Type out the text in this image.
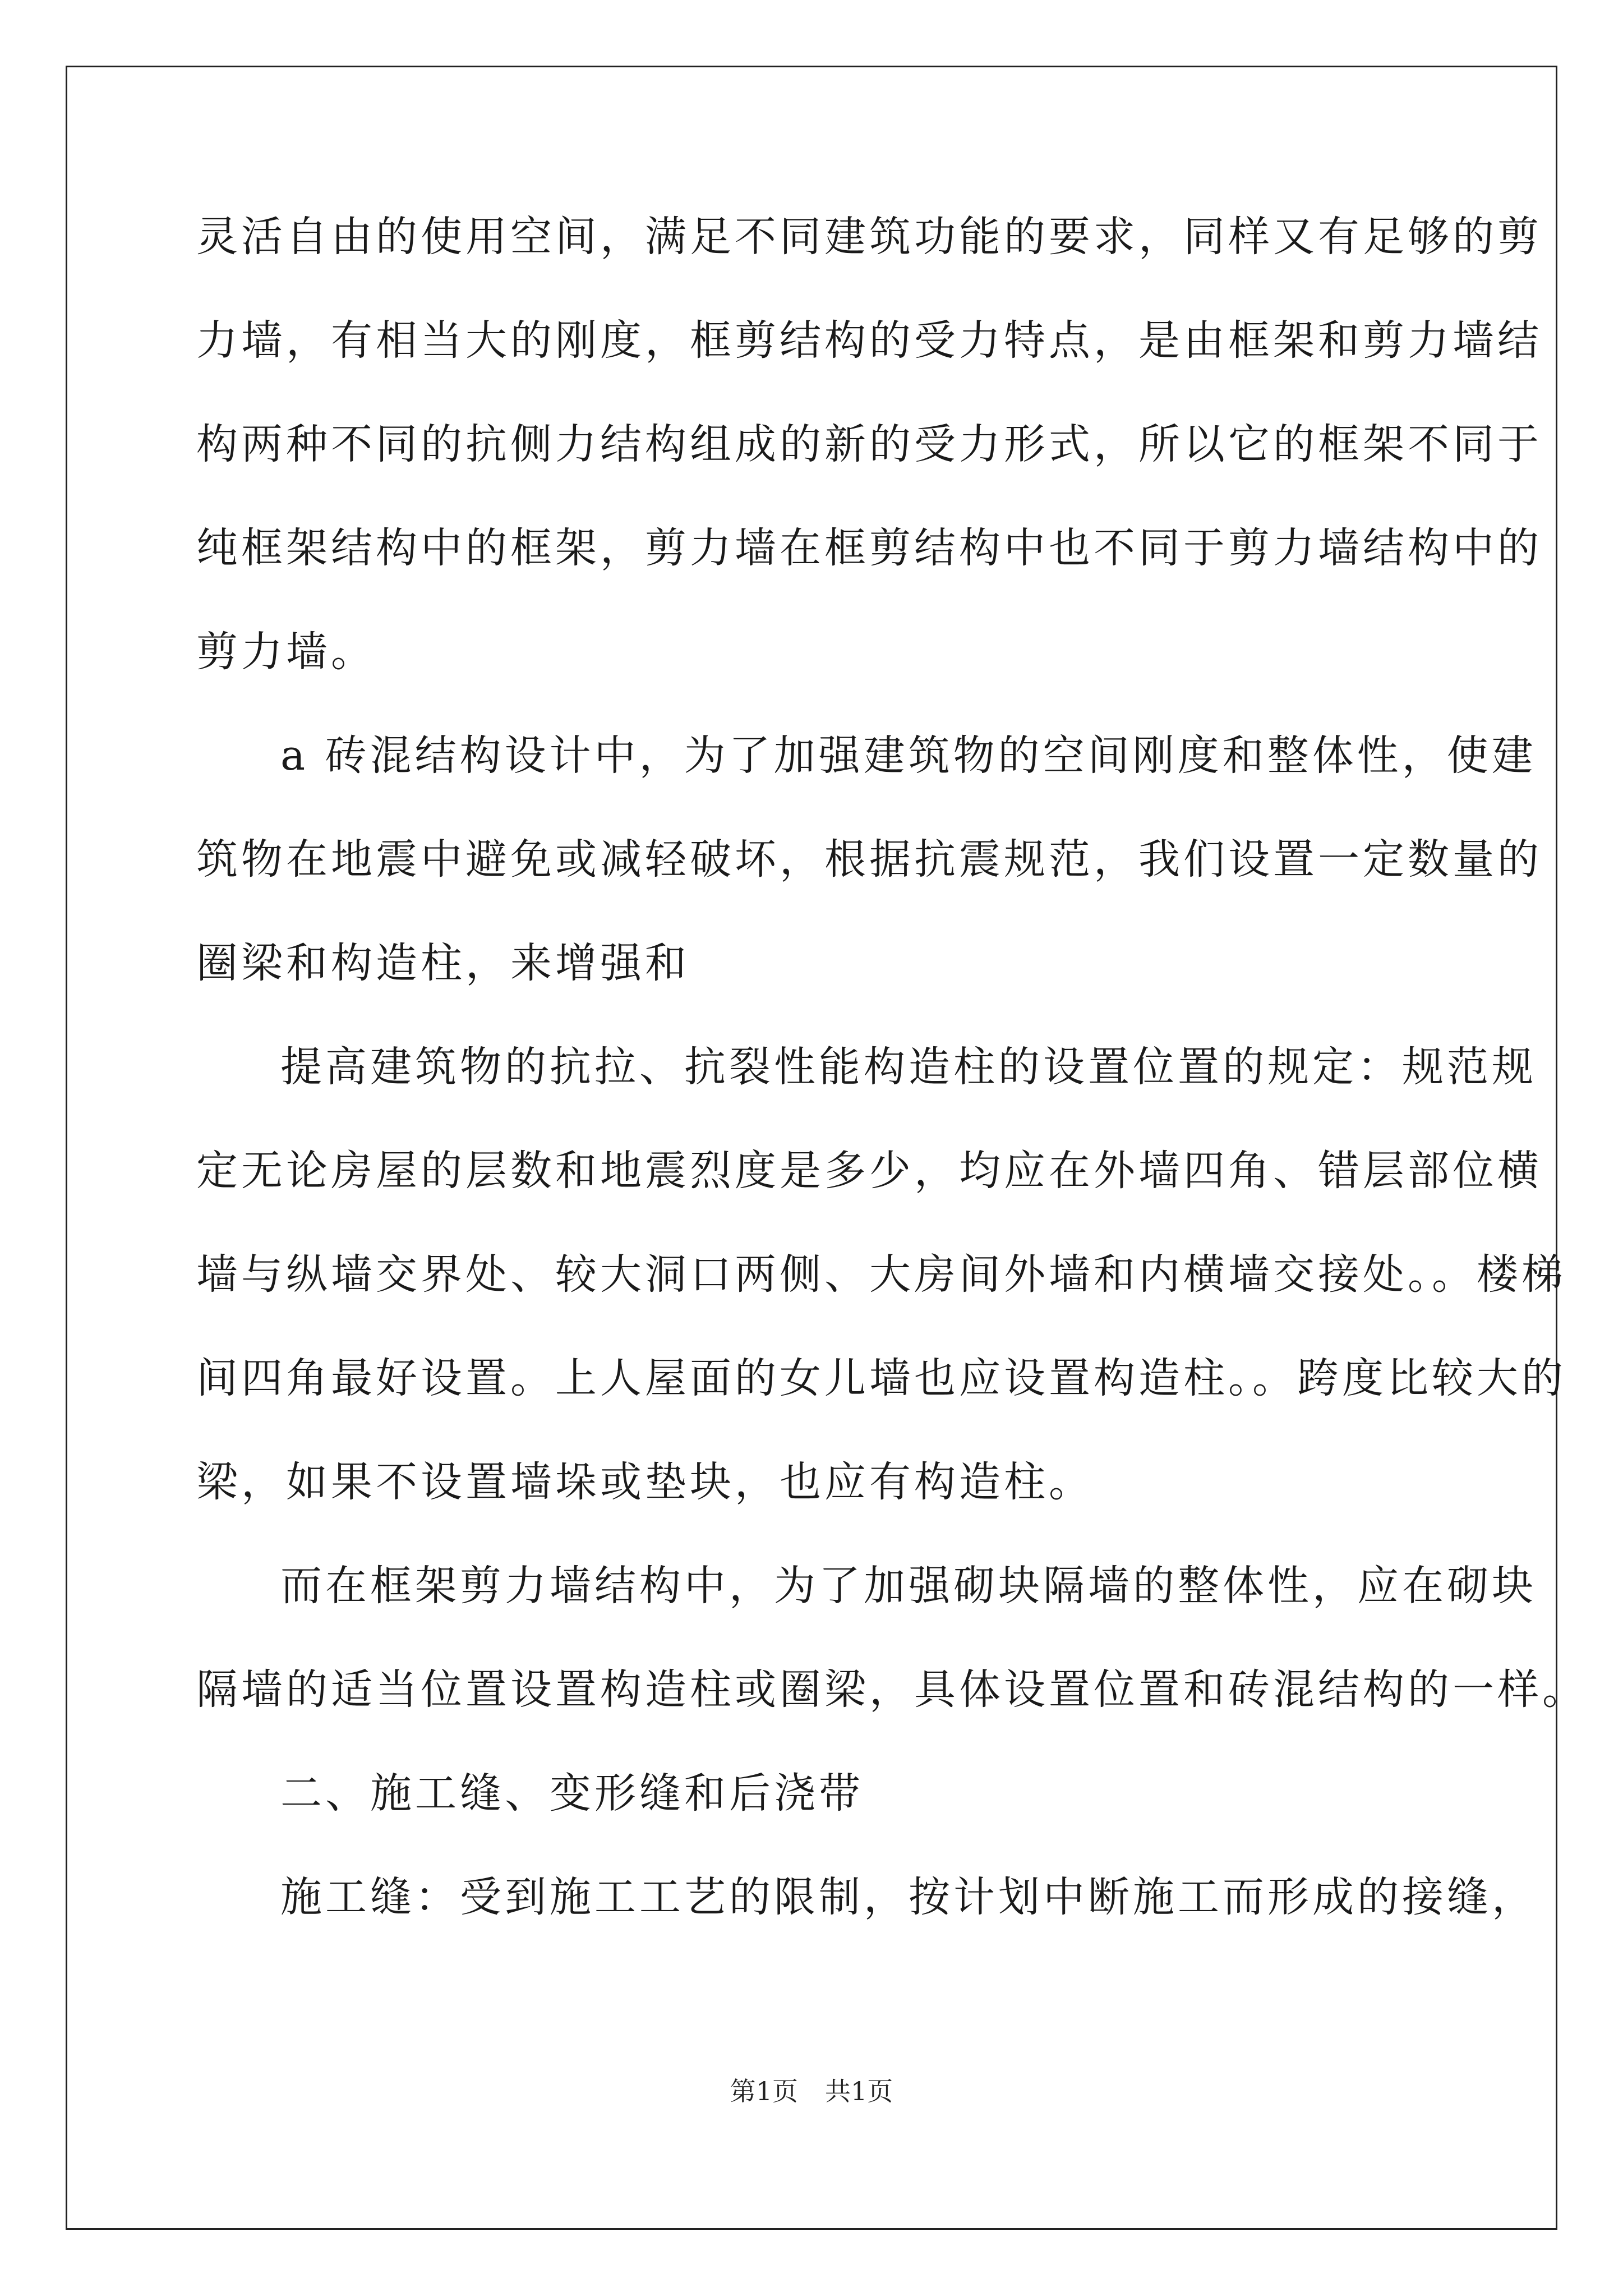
灵活自由的使用空间，满足不同建筑功能的要求，同样又有足够的剪
力墙，有相当大的刚度，框剪结构的受力特点，是由框架和剪力墙结
构两种不同的抗侧力结构组成的新的受力形式，所以它的框架不同于
纯框架结构中的框架，剪力墙在框剪结构中也不同于剪力墙结构中的
剪力墙。
a 砖混结构设计中，为了加强建筑物的空间刚度和整体性，使建
筑物在地震中避免或减轻破坏，根据抗震规范，我们设置一定数量的
圈梁和构造柱，来增强和
提高建筑物的抗拉、抗裂性能构造柱的设置位置的规定：规范规
定无论房屋的层数和地震烈度是多少，均应在外墙四角、错层部位横
墙与纵墙交界处、较大洞口两侧、大房间外墙和内横墙交接处。。楼梯
间四角最好设置。上人屋面的女儿墙也应设置构造柱。。跨度比较大的
梁，如果不设置墙垛或垫块，也应有构造柱。
而在框架剪力墙结构中，为了加强砌块隔墙的整体性，应在砌块
隔墙的适当位置设置构造柱或圈梁，具体设置位置和砖混结构的一样。
二、施工缝、变形缝和后浇带
施工缝：受到施工工艺的限制，按计划中断施工而形成的接缝，
第1页 共1页
